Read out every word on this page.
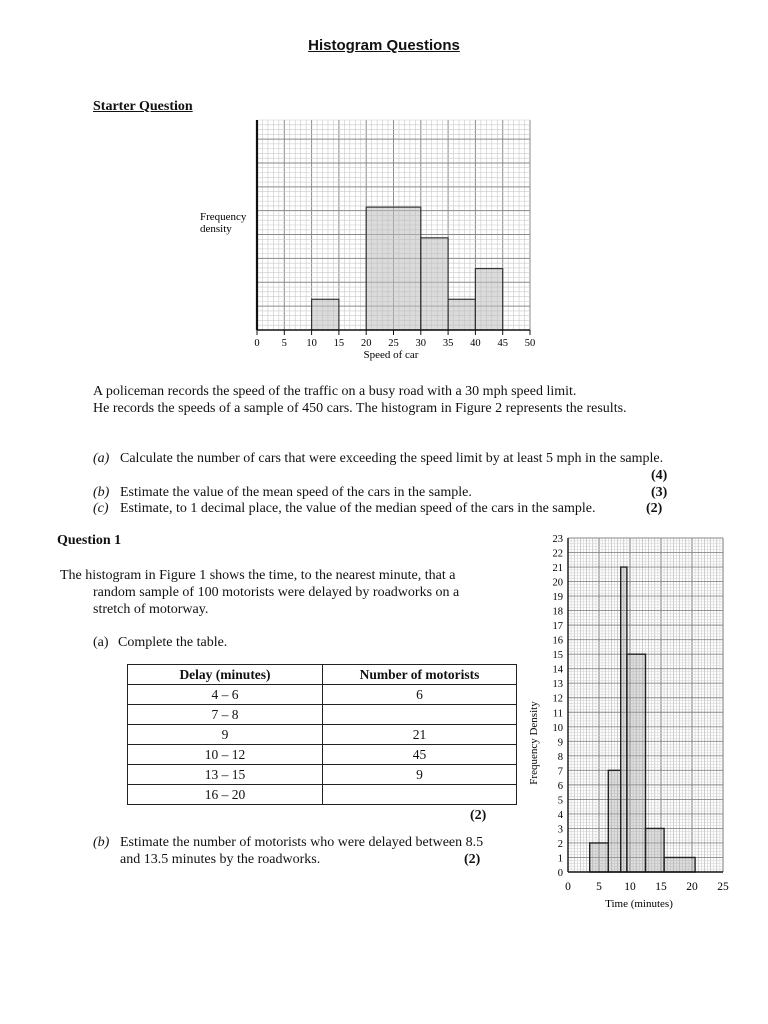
Histogram Questions
Starter Question
0 5 10 15 20 25 30 35 40 45 50
Frequency
density
Speed of car
A policeman records the speed of the traffic on a busy road with a 30 mph speed limit.
He records the speeds of a sample of 450 cars. The histogram in Figure 2 represents the results.
(a) Calculate the number of cars that were exceeding the speed limit by at least 5 mph in the sample.
(4)
(b) Estimate the value of the mean speed of the cars in the sample.	(3)
(c) Estimate, to 1 decimal place, the value of the median speed of the cars in the sample.	(2)
Question 1
The histogram in Figure 1 shows the time, to the nearest minute, that a random sample of 100 motorists were delayed by roadworks on a stretch of motorway.
(a) Complete the table.
Delay (minutes)	Number of motorists
4 – 6	6
7 – 8	
9	21
10 – 12	45
13 – 15	9
16 – 20	
(2)
(b) Estimate the number of motorists who were delayed between 8.5 and 13.5 minutes by the roadworks.	(2)
0
1
2
3
4
5
6
7
8
9
10
11
12
13
14
15
16
17
18
19
20
21
22
23
0 5 10 15 20 25
Frequency Density
Time (minutes)
